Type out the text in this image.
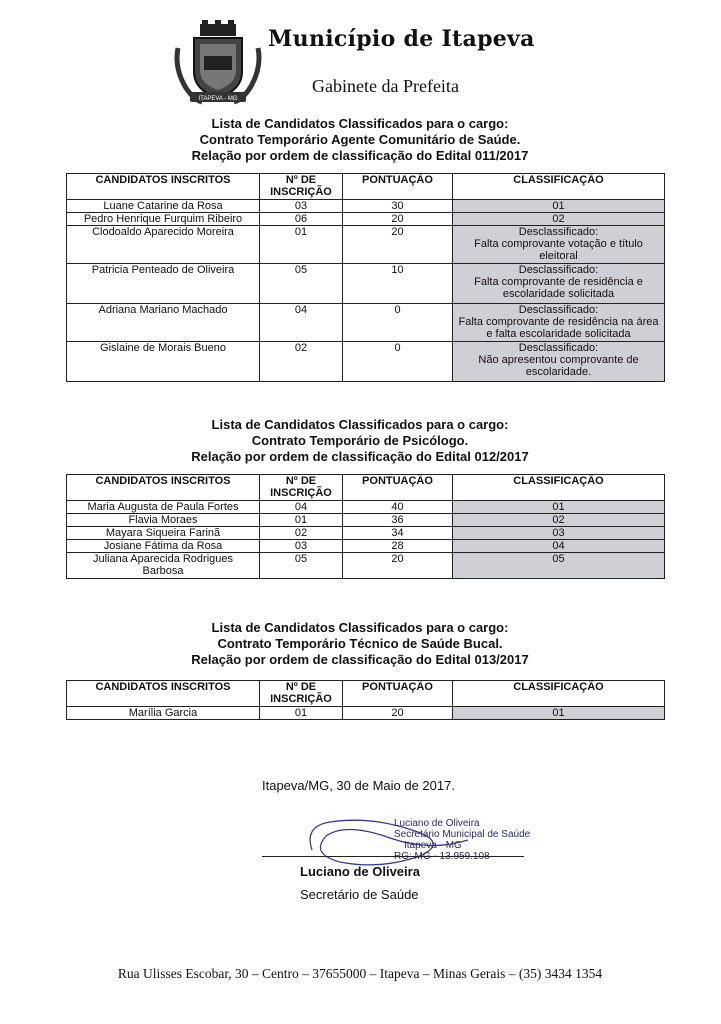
ITAPEVA - MG
Município de Itapeva
Gabinete da Prefeita
Lista de Candidatos Classificados para o cargo:
Contrato Temporário Agente Comunitário de Saúde.
Relação por ordem de classificação do Edital 011/2017
CANDIDATOS INSCRITOS	Nº DE INSCRIÇÃO	PONTUAÇÃO	CLASSIFICAÇÃO
Luane Catarine da Rosa	03	30	01
Pedro Henrique Furquim Ribeiro	06	20	02
Clodoaldo Aparecido Moreira	01	20	Desclassificado:
Falta comprovante votação e título eleitoral

Patricia Penteado de Oliveira	05	10	Desclassificado:
Falta comprovante de residência e escolaridade solicitada

Adriana Mariano Machado	04	0	Desclassificado:
Falta comprovante de residência na área e falta escolaridade solicitada

Gislaine de Morais Bueno	02	0	Desclassificado:
Não apresentou comprovante de escolaridade.
Lista de Candidatos Classificados para o cargo:
Contrato Temporário de Psicólogo.
Relação por ordem de classificação do Edital 012/2017
CANDIDATOS INSCRITOS	Nº DE INSCRIÇÃO	PONTUAÇÃO	CLASSIFICAÇÃO
Maria Augusta de Paula Fortes	04	40	01
Flavia Moraes	01	36	02
Mayara Siqueira Farinã	02	34	03
Josiane Fátima da Rosa	03	28	04
Juliana Aparecida Rodrigues Barbosa	05	20	05
Lista de Candidatos Classificados para o cargo:
Contrato Temporário Técnico de Saúde Bucal.
Relação por ordem de classificação do Edital 013/2017
CANDIDATOS INSCRITOS	Nº DE INSCRIÇÃO	PONTUAÇÃO	CLASSIFICAÇÃO
Marília Garcia	01	20	01
Itapeva/MG, 30 de Maio de 2017.
Luciano de Oliveira
Secretário Municipal de Saúde
Itapeva - MG
RG: MG - 13.959.108
Luciano de Oliveira
Secretário de Saúde
Rua Ulisses Escobar, 30 – Centro – 37655000 – Itapeva – Minas Gerais – (35) 3434 1354
